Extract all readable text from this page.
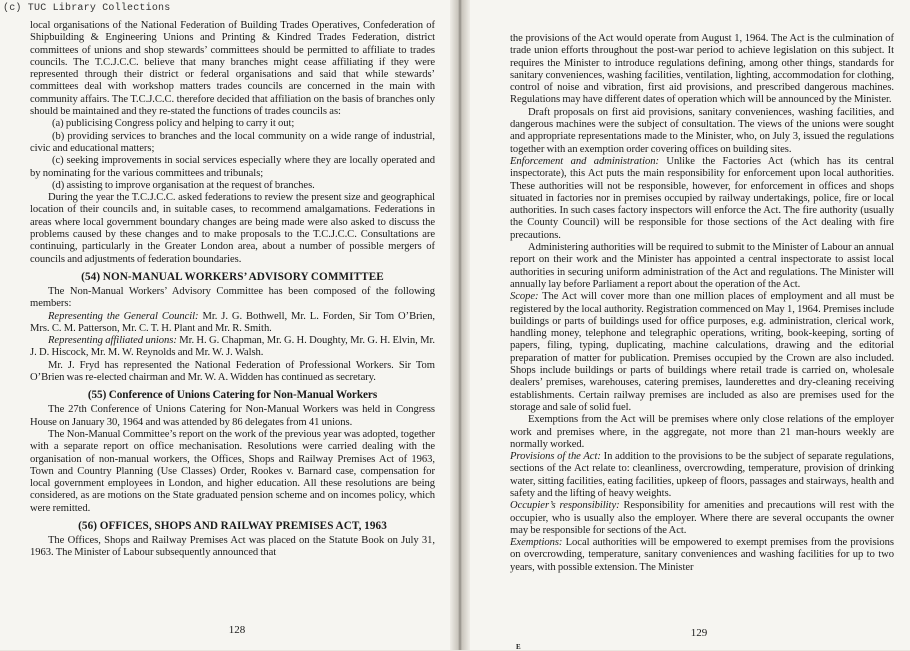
(c) TUC Library Collections

local organisations of the National Federation of Building Trades Operatives, Confederation of Shipbuilding & Engineering Unions and Printing & Kindred Trades Federation, district committees of unions and shop stewards’ committees should be permitted to affiliate to trades councils. The T.C.J.C.C. believe that many branches might cease affiliating if they were represented through their district or federal organisations and said that while stewards’ committees deal with workshop matters trades councils are concerned in the main with community affairs. The T.C.J.C.C. therefore decided that affiliation on the basis of branches only should be maintained and they re-stated the functions of trades councils as:

(a) publicising Congress policy and helping to carry it out;

(b) providing services to branches and the local community on a wide range of industrial, civic and educational matters;

(c) seeking improvements in social services especially where they are locally operated and by nominating for the various committees and tribunals;

(d) assisting to improve organisation at the request of branches.

During the year the T.C.J.C.C. asked federations to review the present size and geographical location of their councils and, in suitable cases, to recommend amalgamations. Federations in areas where local government boundary changes are being made were also asked to discuss the problems caused by these changes and to make proposals to the T.C.J.C.C. Consultations are continuing, particularly in the Greater London area, about a number of possible mergers of councils and adjustments of federation boundaries.

(54) NON-MANUAL WORKERS’ ADVISORY COMMITTEE

The Non-Manual Workers’ Advisory Committee has been composed of the following members:

Representing the General Council: Mr. J. G. Bothwell, Mr. L. Forden, Sir Tom O’Brien, Mrs. C. M. Patterson, Mr. C. T. H. Plant and Mr. R. Smith.

Representing affiliated unions: Mr. H. G. Chapman, Mr. G. H. Doughty, Mr. G. H. Elvin, Mr. J. D. Hiscock, Mr. M. W. Reynolds and Mr. W. J. Walsh.

Mr. J. Fryd has represented the National Federation of Professional Workers. Sir Tom O’Brien was re-elected chairman and Mr. W. A. Widden has continued as secretary.

(55) Conference of Unions Catering for Non-Manual Workers

The 27th Conference of Unions Catering for Non-Manual Workers was held in Congress House on January 30, 1964 and was attended by 86 delegates from 41 unions.

The Non-Manual Committee’s report on the work of the previous year was adopted, together with a separate report on office mechanisation. Resolutions were carried dealing with the organisation of non-manual workers, the Offices, Shops and Railway Premises Act of 1963, Town and Country Planning (Use Classes) Order, Rookes v. Barnard case, compensation for local government employees in London, and higher education. All these resolutions are being considered, as are motions on the State graduated pension scheme and on incomes policy, which were remitted.

(56) OFFICES, SHOPS AND RAILWAY PREMISES ACT, 1963

The Offices, Shops and Railway Premises Act was placed on the Statute Book on July 31, 1963. The Minister of Labour subsequently announced that

128

the provisions of the Act would operate from August 1, 1964. The Act is the culmination of trade union efforts throughout the post-war period to achieve legislation on this subject. It requires the Minister to introduce regulations defining, among other things, standards for sanitary conveniences, washing facilities, ventilation, lighting, accommodation for clothing, control of noise and vibration, first aid provisions, and prescribed dangerous machines. Regulations may have different dates of operation which will be announced by the Minister.

Draft proposals on first aid provisions, sanitary conveniences, washing facilities, and dangerous machines were the subject of consultation. The views of the unions were sought and appropriate representations made to the Minister, who, on July 3, issued the regulations together with an exemption order covering offices on building sites.

Enforcement and administration: Unlike the Factories Act (which has its central inspectorate), this Act puts the main responsibility for enforcement upon local authorities. These authorities will not be responsible, however, for enforcement in offices and shops situated in factories nor in premises occupied by railway undertakings, police, fire or local authorities. In such cases factory inspectors will enforce the Act. The fire authority (usually the County Council) will be responsible for those sections of the Act dealing with fire precautions.

Administering authorities will be required to submit to the Minister of Labour an annual report on their work and the Minister has appointed a central inspectorate to assist local authorities in securing uniform administration of the Act and regulations. The Minister will annually lay before Parliament a report about the operation of the Act.

Scope: The Act will cover more than one million places of employment and all must be registered by the local authority. Registration commenced on May 1, 1964. Premises include buildings or parts of buildings used for office purposes, e.g. administration, clerical work, handling money, telephone and telegraphic operations, writing, book-keeping, sorting of papers, filing, typing, duplicating, machine calculations, drawing and the editorial preparation of matter for publication. Premises occupied by the Crown are also included. Shops include buildings or parts of buildings where retail trade is carried on, wholesale dealers’ premises, warehouses, catering premises, launderettes and dry-cleaning receiving establishments. Certain railway premises are included as also are premises used for the storage and sale of solid fuel.

Exemptions from the Act will be premises where only close relations of the employer work and premises where, in the aggregate, not more than 21 man-hours weekly are normally worked.

Provisions of the Act: In addition to the provisions to be the subject of separate regulations, sections of the Act relate to: cleanliness, overcrowding, temperature, provision of drinking water, sitting facilities, eating facilities, upkeep of floors, passages and stairways, health and safety and the lifting of heavy weights.

Occupier’s responsibility: Responsibility for amenities and precautions will rest with the occupier, who is usually also the employer. Where there are several occupants the owner may be responsible for sections of the Act.

Exemptions: Local authorities will be empowered to exempt premises from the provisions on overcrowding, temperature, sanitary conveniences and washing facilities for up to two years, with possible extension. The Minister

129
E
